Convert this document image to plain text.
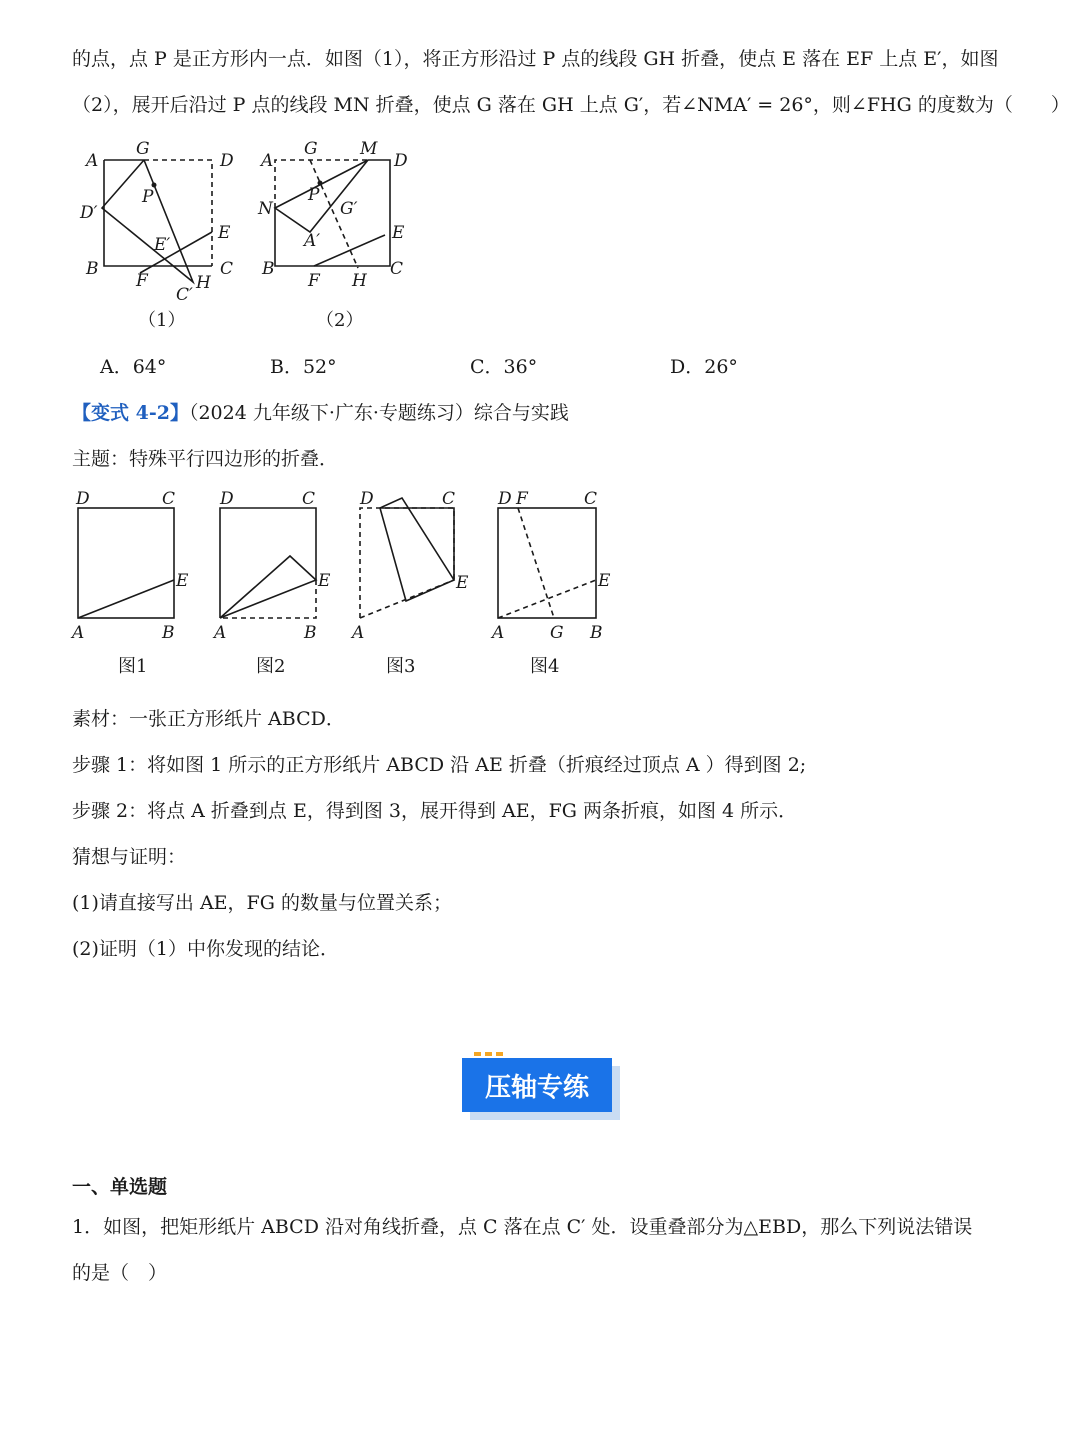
的点，点 P 是正方形内一点．如图（1），将正方形沿过 P 点的线段 GH 折叠，使点 E 落在 EF 上点 E′，如图
（2），展开后沿过 P 点的线段 MN 折叠，使点 G 落在 GH 上点 G′，若∠NMA′ = 26°，则∠FHG 的度数为（　　）
A
G
D
P
D′
E
E′
B
F
C
C′
H
（1）
A
G M
D
N
P
G′
A′	E
B
F H
C
（2）
A．64°	B．52°	C．36°	D．26°
【变式 4-2】（2024 九年级下·广东·专题练习）综合与实践
主题：特殊平行四边形的折叠．
D	C
E
A	B
图1
D	C
E
A	B
图2
D	C
E
A
图3
D F	C
E
A	G B
图4
素材：一张正方形纸片 ABCD．
步骤 1：将如图 1 所示的正方形纸片 ABCD 沿 AE 折叠（折痕经过顶点 A ）得到图 2;
步骤 2：将点 A 折叠到点 E，得到图 3，展开得到 AE，FG 两条折痕，如图 4 所示．
猜想与证明：
(1)请直接写出 AE，FG 的数量与位置关系；
(2)证明（1）中你发现的结论．
压轴专练
一、单选题
1．如图，把矩形纸片 ABCD 沿对角线折叠，点 C 落在点 C′ 处．设重叠部分为△EBD，那么下列说法错误
的是（　）
